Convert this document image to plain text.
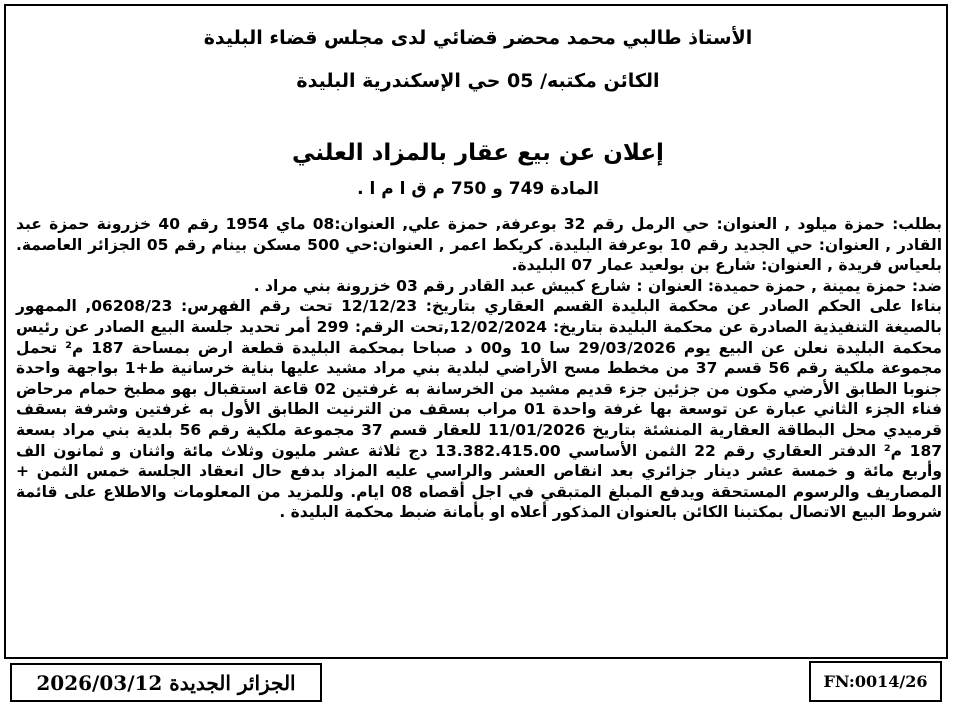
الأستاذ طالبي محمد محضر قضائي لدى مجلس قضاء البليدة
الكائن مكتبه/ 05 حي الإسكندرية البليدة
إعلان عن بيع عقار بالمزاد العلني
المادة 749 و 750 م ق ا م ا .

بطلب: حمزة ميلود , العنوان: حي الرمل رقم 32 بوعرفة, حمزة علي, العنوان:08 ماي 1954 رقم 40 خزرونة حمزة عبد القادر , العنوان: حي الجديد رقم 10 بوعرفة البليدة. كريكط اعمر , العنوان:حي 500 مسكن بينام رقم 05 الجزائر العاصمة. بلعياس فريدة , العنوان: شارع بن بولعيد عمار 07 البليدة.

ضد: حمزة يمينة , حمزة حميدة: العنوان : شارع كبيش عبد القادر رقم 03 خزرونة بني مراد .

بناءا على الحكم الصادر عن محكمة البليدة القسم العقاري بتاريخ: 12/12/23 تحت رقم الفهرس: 06208/23, الممهور بالصيغة التنفيذية الصادرة عن محكمة البليدة بتاريخ: 12/02/2024,تحت الرقم: 299 أمر تحديد جلسة البيع الصادر عن رئيس محكمة البليدة نعلن عن البيع يوم 29/03/2026 سا 10 و00 د صباحا بمحكمة البليدة قطعة ارض بمساحة 187 م² تحمل مجموعة ملكية رقم 56 قسم 37 من مخطط مسح الأراضي لبلدية بني مراد مشيد عليها بناية خرسانية ط+1 بواجهة واحدة جنوبا الطابق الأرضي مكون من جزئين جزء قديم مشيد من الخرسانة به غرفتين 02 قاعة استقبال بهو مطبخ حمام مرحاض فناء الجزء الثاني عبارة عن توسعة بها غرفة واحدة 01 مراب بسقف من الترنيت الطابق الأول به غرفتين وشرفة بسقف قرميدي محل البطاقة العقارية المنشئة بتاريخ 11/01/2026 للعقار قسم 37 مجموعة ملكية رقم 56 بلدية بني مراد بسعة 187 م² الدفتر العقاري رقم 22 الثمن الأساسي 13.382.415.00 دج ثلاثة عشر مليون وثلاث مائة واثنان و ثمانون الف وأربع مائة و خمسة عشر دينار جزائري بعد انقاص العشر والراسي عليه المزاد بدفع حال انعقاد الجلسة خمس الثمن + المصاريف والرسوم المستحقة ويدفع المبلغ المتبقي في اجل أقصاه 08 ايام. وللمزيد من المعلومات والاطلاع على قائمة شروط البيع الاتصال بمكتبنا الكائن بالعنوان المذكور أعلاه او بأمانة ضبط محكمة البليدة .

الجزائر الجديدة 2026/03/12	FN:0014/26
